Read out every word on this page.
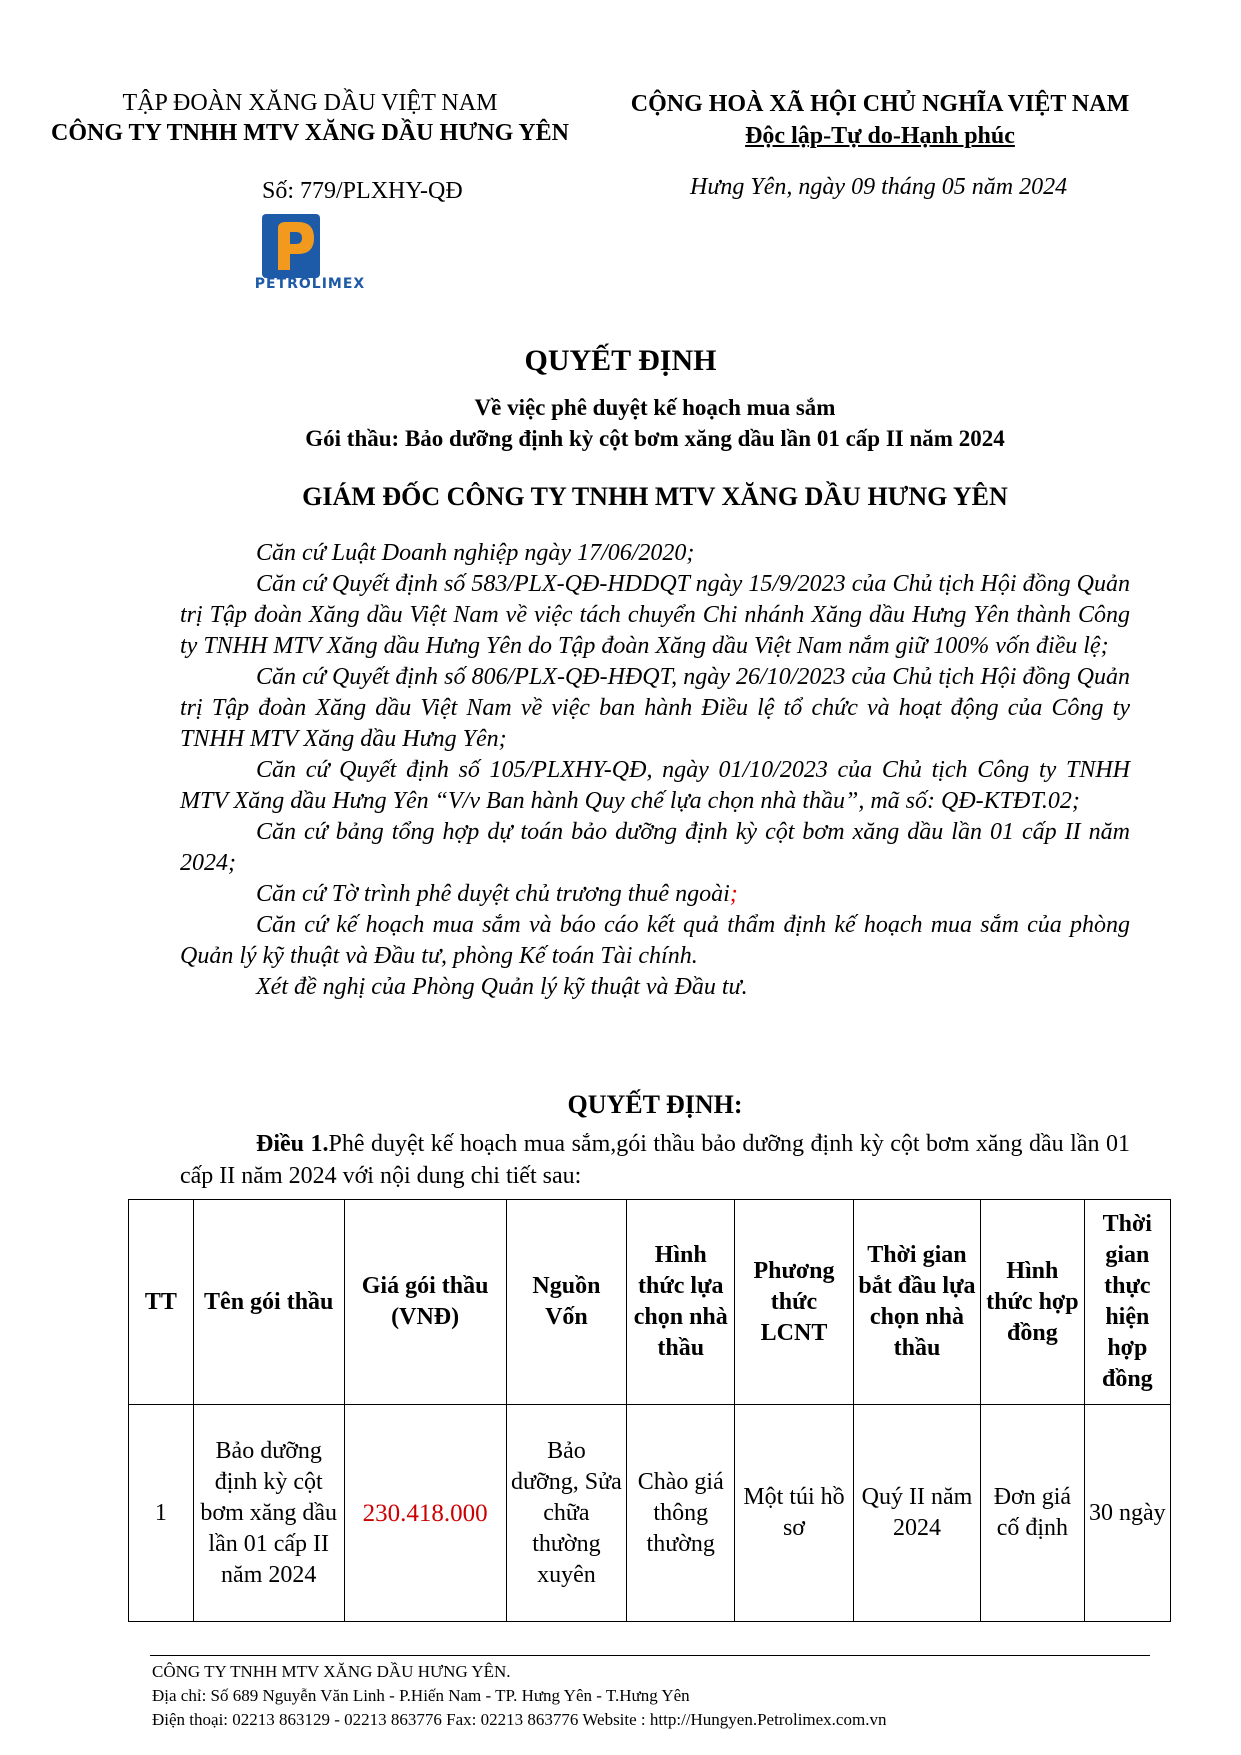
TẬP ĐOÀN XĂNG DẦU VIỆT NAM
CÔNG TY TNHH MTV XĂNG DẦU HƯNG YÊN
CỘNG HOÀ XÃ HỘI CHỦ NGHĨA VIỆT NAM
Độc lập-Tự do-Hạnh phúc
Số: 779/PLXHY-QĐ	Hưng Yên, ngày 09 tháng 05 năm 2024
PETROLIMEX
QUYẾT ĐỊNH
Về việc phê duyệt kế hoạch mua sắm
Gói thầu: Bảo dưỡng định kỳ cột bơm xăng dầu lần 01 cấp II năm 2024
GIÁM ĐỐC CÔNG TY TNHH MTV XĂNG DẦU HƯNG YÊN

Căn cứ Luật Doanh nghiệp ngày 17/06/2020;

Căn cứ Quyết định số 583/PLX-QĐ-HDDQT ngày 15/9/2023 của Chủ tịch Hội đồng Quản trị Tập đoàn Xăng dầu Việt Nam về việc tách chuyển Chi nhánh Xăng dầu Hưng Yên thành Công ty TNHH MTV Xăng dầu Hưng Yên do Tập đoàn Xăng dầu Việt Nam nắm giữ 100% vốn điều lệ;

Căn cứ Quyết định số 806/PLX-QĐ-HĐQT, ngày 26/10/2023 của Chủ tịch Hội đồng Quản trị Tập đoàn Xăng dầu Việt Nam về việc ban hành Điều lệ tổ chức và hoạt động của Công ty TNHH MTV Xăng dầu Hưng Yên;

Căn cứ Quyết định số 105/PLXHY-QĐ, ngày 01/10/2023 của Chủ tịch Công ty TNHH MTV Xăng dầu Hưng Yên “V/v Ban hành Quy chế lựa chọn nhà thầu”, mã số: QĐ-KTĐT.02;

Căn cứ bảng tổng hợp dự toán bảo dưỡng định kỳ cột bơm xăng dầu lần 01 cấp II năm 2024;

Căn cứ Tờ trình phê duyệt chủ trương thuê ngoài;

Căn cứ kế hoạch mua sắm và báo cáo kết quả thẩm định kế hoạch mua sắm của phòng Quản lý kỹ thuật và Đầu tư, phòng Kế toán Tài chính.

Xét đề nghị của Phòng Quản lý kỹ thuật và Đầu tư.

QUYẾT ĐỊNH:

Điều 1.Phê duyệt kế hoạch mua sắm,gói thầu bảo dưỡng định kỳ cột bơm xăng dầu lần 01 cấp II năm 2024 với nội dung chi tiết sau:

TT	Tên gói thầu	Giá gói thầu (VNĐ)	Nguồn Vốn	Hình thức lựa chọn nhà thầu	Phương thức LCNT	Thời gian bắt đầu lựa chọn nhà thầu	Hình thức hợp đồng	Thời gian thực hiện hợp đồng
1	Bảo dưỡng định kỳ cột bơm xăng dầu lần 01 cấp II năm 2024	230.418.000	Bảo dưỡng, Sửa chữa thường xuyên	Chào giá thông thường	Một túi hồ sơ	Quý II năm 2024	Đơn giá cố định	30 ngày
CÔNG TY TNHH MTV XĂNG DẦU HƯNG YÊN.
Địa chỉ: Số 689 Nguyễn Văn Linh - P.Hiến Nam - TP. Hưng Yên - T.Hưng Yên
Điện thoại: 02213 863129 - 02213 863776 Fax: 02213 863776 Website : http://Hungyen.Petrolimex.com.vn
